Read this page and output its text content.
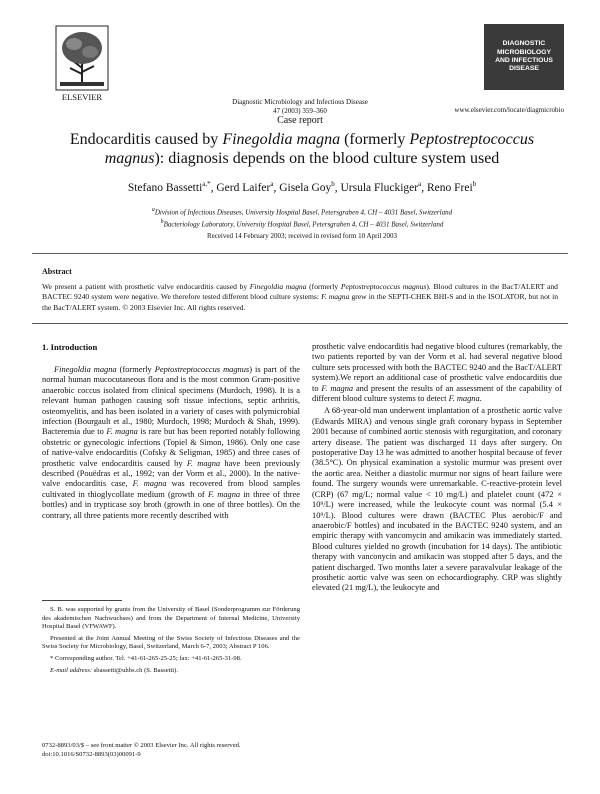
ELSEVIER	Diagnostic Microbiology and Infectious Disease
47 (2003) 359–360
Case report
DIAGNOSTIC
MICROBIOLOGY
AND INFECTIOUS
DISEASE
www.elsevier.com/locate/diagmicrobio
Endocarditis caused by Finegoldia magna (formerly Peptostreptococcus magnus): diagnosis depends on the blood culture system used
Stefano Bassetti$^{a,*}$, Gerd Laifer$^a$, Gisela Goy$^b$, Ursula Fluckiger$^a$, Reno Frei$^b$
$^a$Division of Infectious Diseases, University Hospital Basel, Petersgraben 4, CH – 4031 Basel, Switzerland
$^b$Bacteriology Laboratory, University Hospital Basel, Petersgraben 4, CH – 4031 Basel, Switzerland
Received 14 February 2003; received in revised form 10 April 2003
Abstract
We present a patient with prosthetic valve endocarditis caused by Finegoldia magna (formerly Peptostreptococcus magnus). Blood cultures in the BacT/ALERT and BACTEC 9240 system were negative. We therefore tested different blood culture systems: F. magna grew in the SEPTI-CHEK BHI-S and in the ISOLATOR, but not in the BacT/ALERT system. © 2003 Elsevier Inc. All rights reserved.
1. Introduction

Finegoldia magna (formerly Peptostreptococcus magnus) is part of the normal human mucocutaneous flora and is the most common Gram-positive anaerobic coccus isolated from clinical specimens (Murdoch, 1998). It is a relevant human pathogen causing soft tissue infections, septic arthritis, osteomyelitis, and has been isolated in a variety of cases with polymicrobial infection (Bourgault et al., 1980; Murdoch, 1998; Murdoch & Shah, 1999). Bacteremia due to F. magna is rare but has been reported notably following obstetric or gynecologic infections (Topiel & Simon, 1986). Only one case of native-valve endocarditis (Cofsky & Seligman, 1985) and three cases of prosthetic valve endocarditis caused by F. magna have been previously described (Pouëdras et al., 1992; van der Vorm et al., 2000). In the native-valve endocarditis case, F. magna was recovered from blood samples cultivated in thioglycollate medium (growth of F. magna in three of three bottles) and in trypticase soy broth (growth in one of three bottles). On the contrary, all three patients more recently described with

prosthetic valve endocarditis had negative blood cultures (remarkably, the two patients reported by van der Vorm et al. had several negative blood culture sets processed with both the BACTEC 9240 and the BacT/ALERT system).We report an additional case of prosthetic valve endocarditis due to F. magna and present the results of an assessment of the capability of different blood culture systems to detect F. magna.

A 68-year-old man underwent implantation of a prosthetic aortic valve (Edwards MIRA) and venous single graft coronary bypass in September 2001 because of combined aortic stenosis with regurgitation, and coronary artery disease. The patient was discharged 11 days after surgery. On postoperative Day 13 he was admitted to another hospital because of fever (38.5°C). On physical examination a systolic murmur was present over the aortic area. Neither a diastolic murmur nor signs of heart failure were found. The surgery wounds were unremarkable. C-reactive-protein level (CRP) (67 mg/L; normal value < 10 mg/L) and platelet count (472 × 10⁹/L) were increased, while the leukocyte count was normal (5.4 × 10⁹/L). Blood cultures were drawn (BACTEC Plus aerobic/F and anaerobic/F bottles) and incubated in the BACTEC 9240 system, and an empiric therapy with vancomycin and amikacin was immediately started. Blood cultures yielded no growth (incubation for 14 days). The antibiotic therapy with vanconycin and amikacin was stopped after 5 days, and the patient discharged. Two months later a severe paravalvular leakage of the prosthetic aortic valve was seen on echocardiography. CRP was slightly elevated (21 mg/L), the leukocyte and

S. B. was supported by grants from the University of Basel (Sonderprogramm zur Förderung des akademischen Nachwuchses) and from the Department of Internal Medicine, University Hospital Basel (VFWAWF).

Presented at the Joint Annual Meeting of the Swiss Society of Infectious Diseases and the Swiss Society for Microbiology, Basel, Switzerland, March 6-7, 2003; Abstract P 106.

* Corresponding author. Tel. +41-61-265-25-25; fax: +41-61-265-31-98.

E-mail address: sbassetti@uhbs.ch (S. Bassetti).

0732-8893/03/$ – see front matter © 2003 Elsevier Inc. All rights reserved.
doi:10.1016/S0732-8893(03)00091-9
